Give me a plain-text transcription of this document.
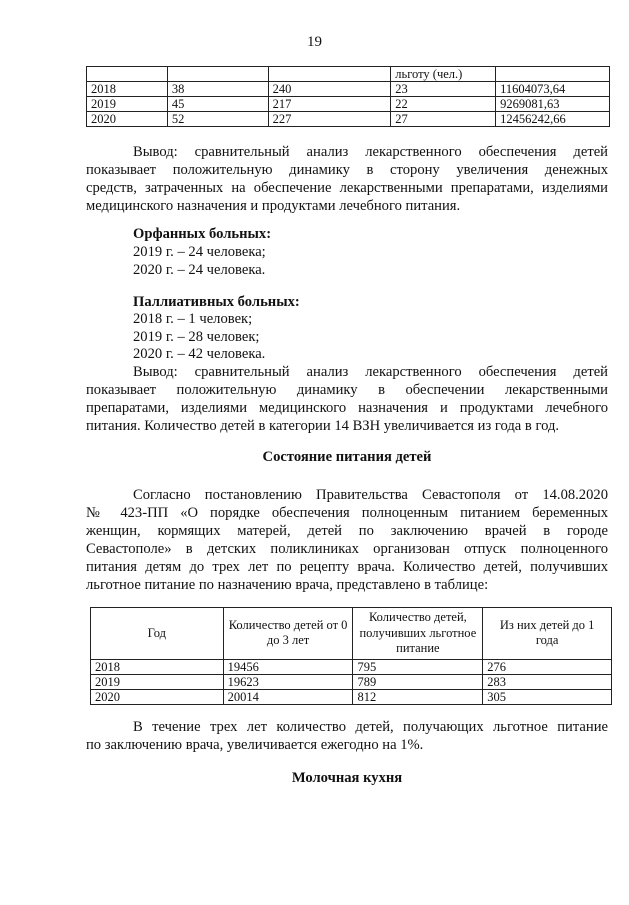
19
			льготу (чел.)	
2018	38	240	23	11604073,64
2019	45	217	22	9269081,63
2020	52	227	27	12456242,66
Вывод: сравнительный анализ лекарственного обеспечения детей
показывает положительную динамику в сторону увеличения денежных
средств, затраченных на обеспечение лекарственными препаратами, изделиями
медицинского назначения и продуктами лечебного питания.
Орфанных больных:
2019 г. – 24 человека;
2020 г. – 24 человека.
Паллиативных больных:
2018 г. – 1 человек;
2019 г. – 28 человек;
2020 г. – 42 человека.
Вывод: сравнительный анализ лекарственного обеспечения детей
показывает положительную динамику в обеспечении лекарственными
препаратами, изделиями медицинского назначения и продуктами лечебного
питания. Количество детей в категории 14 ВЗН увеличивается из года в год.
Состояние питания детей
Согласно постановлению Правительства Севастополя от 14.08.2020
№ 423-ПП «О порядке обеспечения полноценным питанием беременных
женщин, кормящих матерей, детей по заключению врачей в городе
Севастополе» в детских поликлиниках организован отпуск полноценного
питания детям до трех лет по рецепту врача. Количество детей, получивших
льготное питание по назначению врача, представлено в таблице:
Год	Количество детей от 0 до 3 лет	Количество детей, получивших льготное питание	Из них детей до 1 года
2018	19456	795	276
2019	19623	789	283
2020	20014	812	305
В течение трех лет количество детей, получающих льготное питание
по заключению врача, увеличивается ежегодно на 1%.
Молочная кухня
